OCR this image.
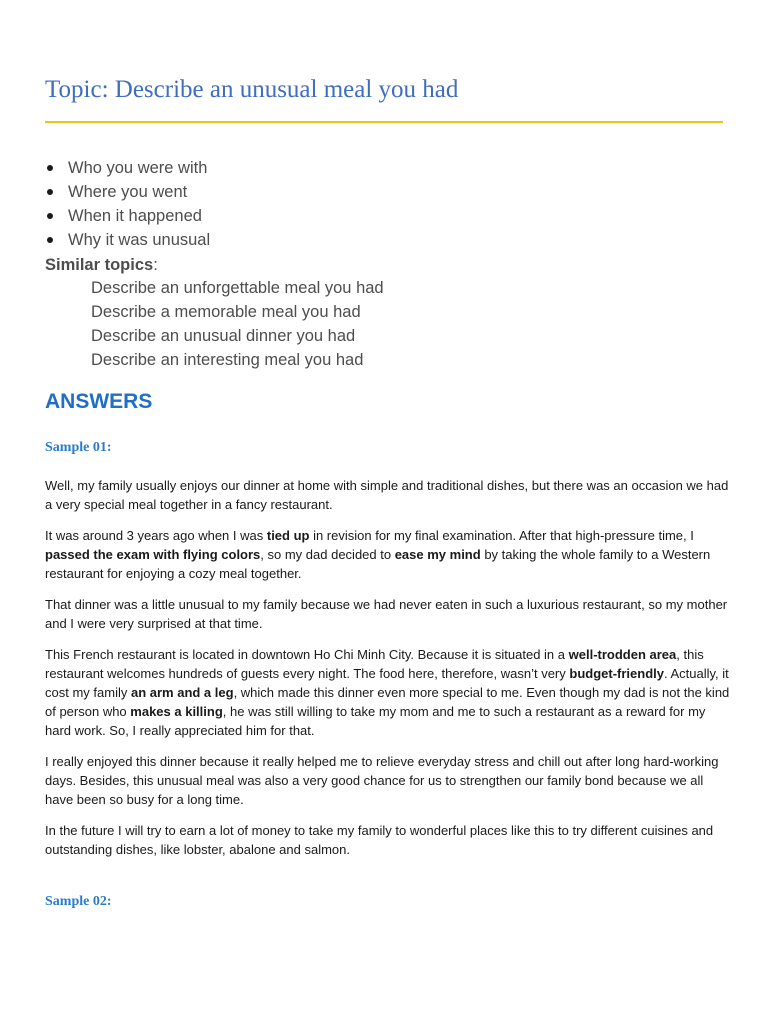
Topic: Describe an unusual meal you had
Who you were with
Where you went
When it happened
Why it was unusual
Similar topics:
Describe an unforgettable meal you had
Describe a memorable meal you had
Describe an unusual dinner you had
Describe an interesting meal you had
ANSWERS
Sample 01:

Well, my family usually enjoys our dinner at home with simple and traditional dishes, but there was an occasion we had a very special meal together in a fancy restaurant.

It was around 3 years ago when I was tied up in revision for my final examination. After that high-pressure time, I passed the exam with flying colors, so my dad decided to ease my mind by taking the whole family to a Western restaurant for enjoying a cozy meal together.

That dinner was a little unusual to my family because we had never eaten in such a luxurious restaurant, so my mother and I were very surprised at that time.

This French restaurant is located in downtown Ho Chi Minh City. Because it is situated in a well-trodden area, this restaurant welcomes hundreds of guests every night. The food here, therefore, wasn’t very budget-friendly. Actually, it cost my family an arm and a leg, which made this dinner even more special to me. Even though my dad is not the kind of person who makes a killing, he was still willing to take my mom and me to such a restaurant as a reward for my hard work. So, I really appreciated him for that.

I really enjoyed this dinner because it really helped me to relieve everyday stress and chill out after long hard-working days. Besides, this unusual meal was also a very good chance for us to strengthen our family bond because we all have been so busy for a long time.

In the future I will try to earn a lot of money to take my family to wonderful places like this to try different cuisines and outstanding dishes, like lobster, abalone and salmon.

Sample 02:
